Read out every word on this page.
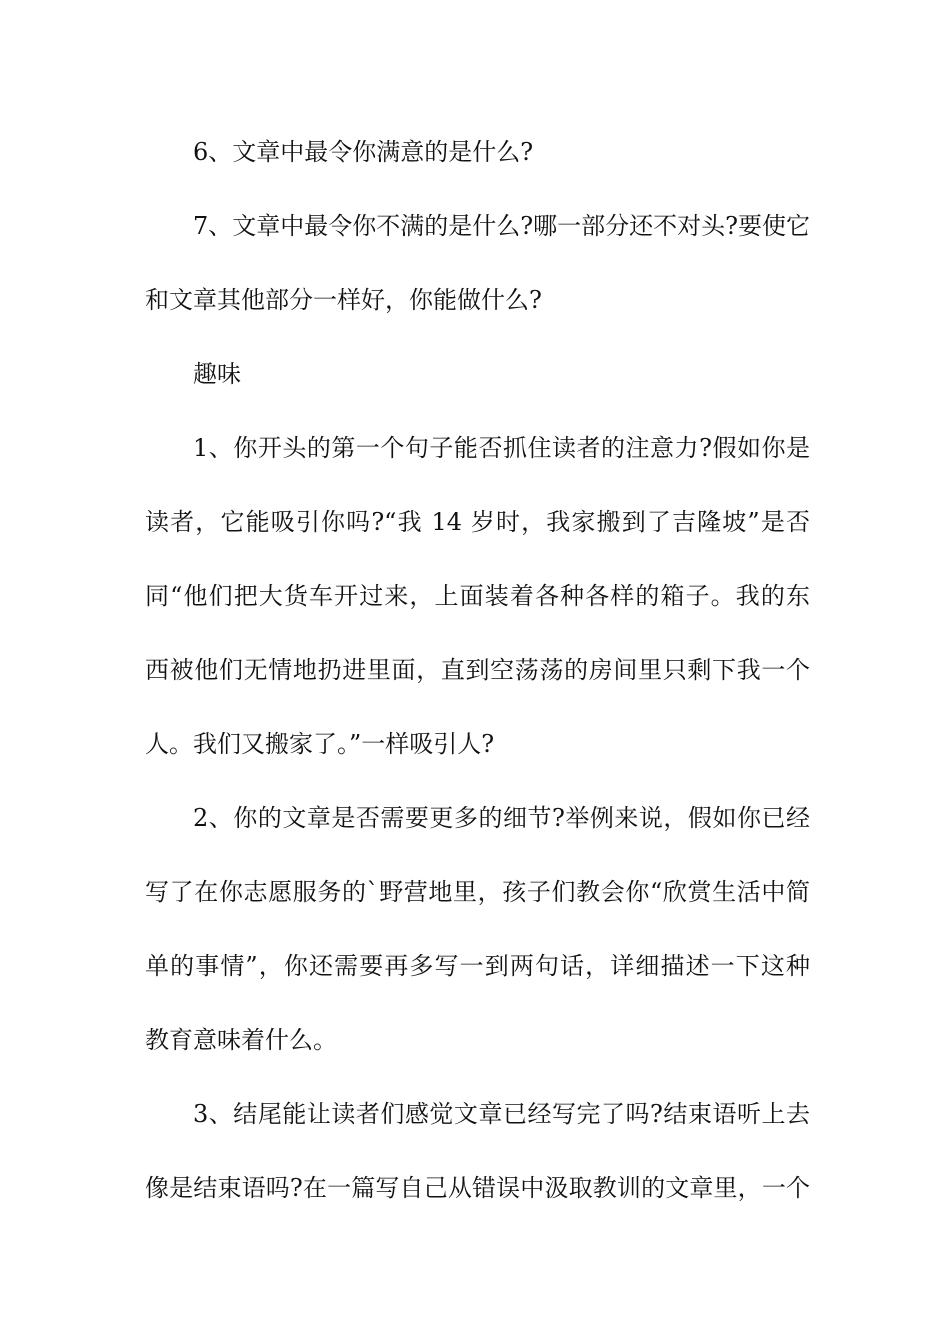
6、文章中最令你满意的是什么?
7、文章中最令你不满的是什么?哪一部分还不对头?要使它
和文章其他部分一样好，你能做什么?
趣味
1、你开头的第一个句子能否抓住读者的注意力?假如你是
读者，它能吸引你吗?“我 14 岁时，我家搬到了吉隆坡”是否
同“他们把大货车开过来，上面装着各种各样的箱子。我的东
西被他们无情地扔进里面，直到空荡荡的房间里只剩下我一个
人。我们又搬家了。”一样吸引人?
2、你的文章是否需要更多的细节?举例来说，假如你已经
写了在你志愿服务的`野营地里，孩子们教会你“欣赏生活中简
单的事情”，你还需要再多写一到两句话，详细描述一下这种
教育意味着什么。
3、结尾能让读者们感觉文章已经写完了吗?结束语听上去
像是结束语吗?在一篇写自己从错误中汲取教训的文章里，一个
